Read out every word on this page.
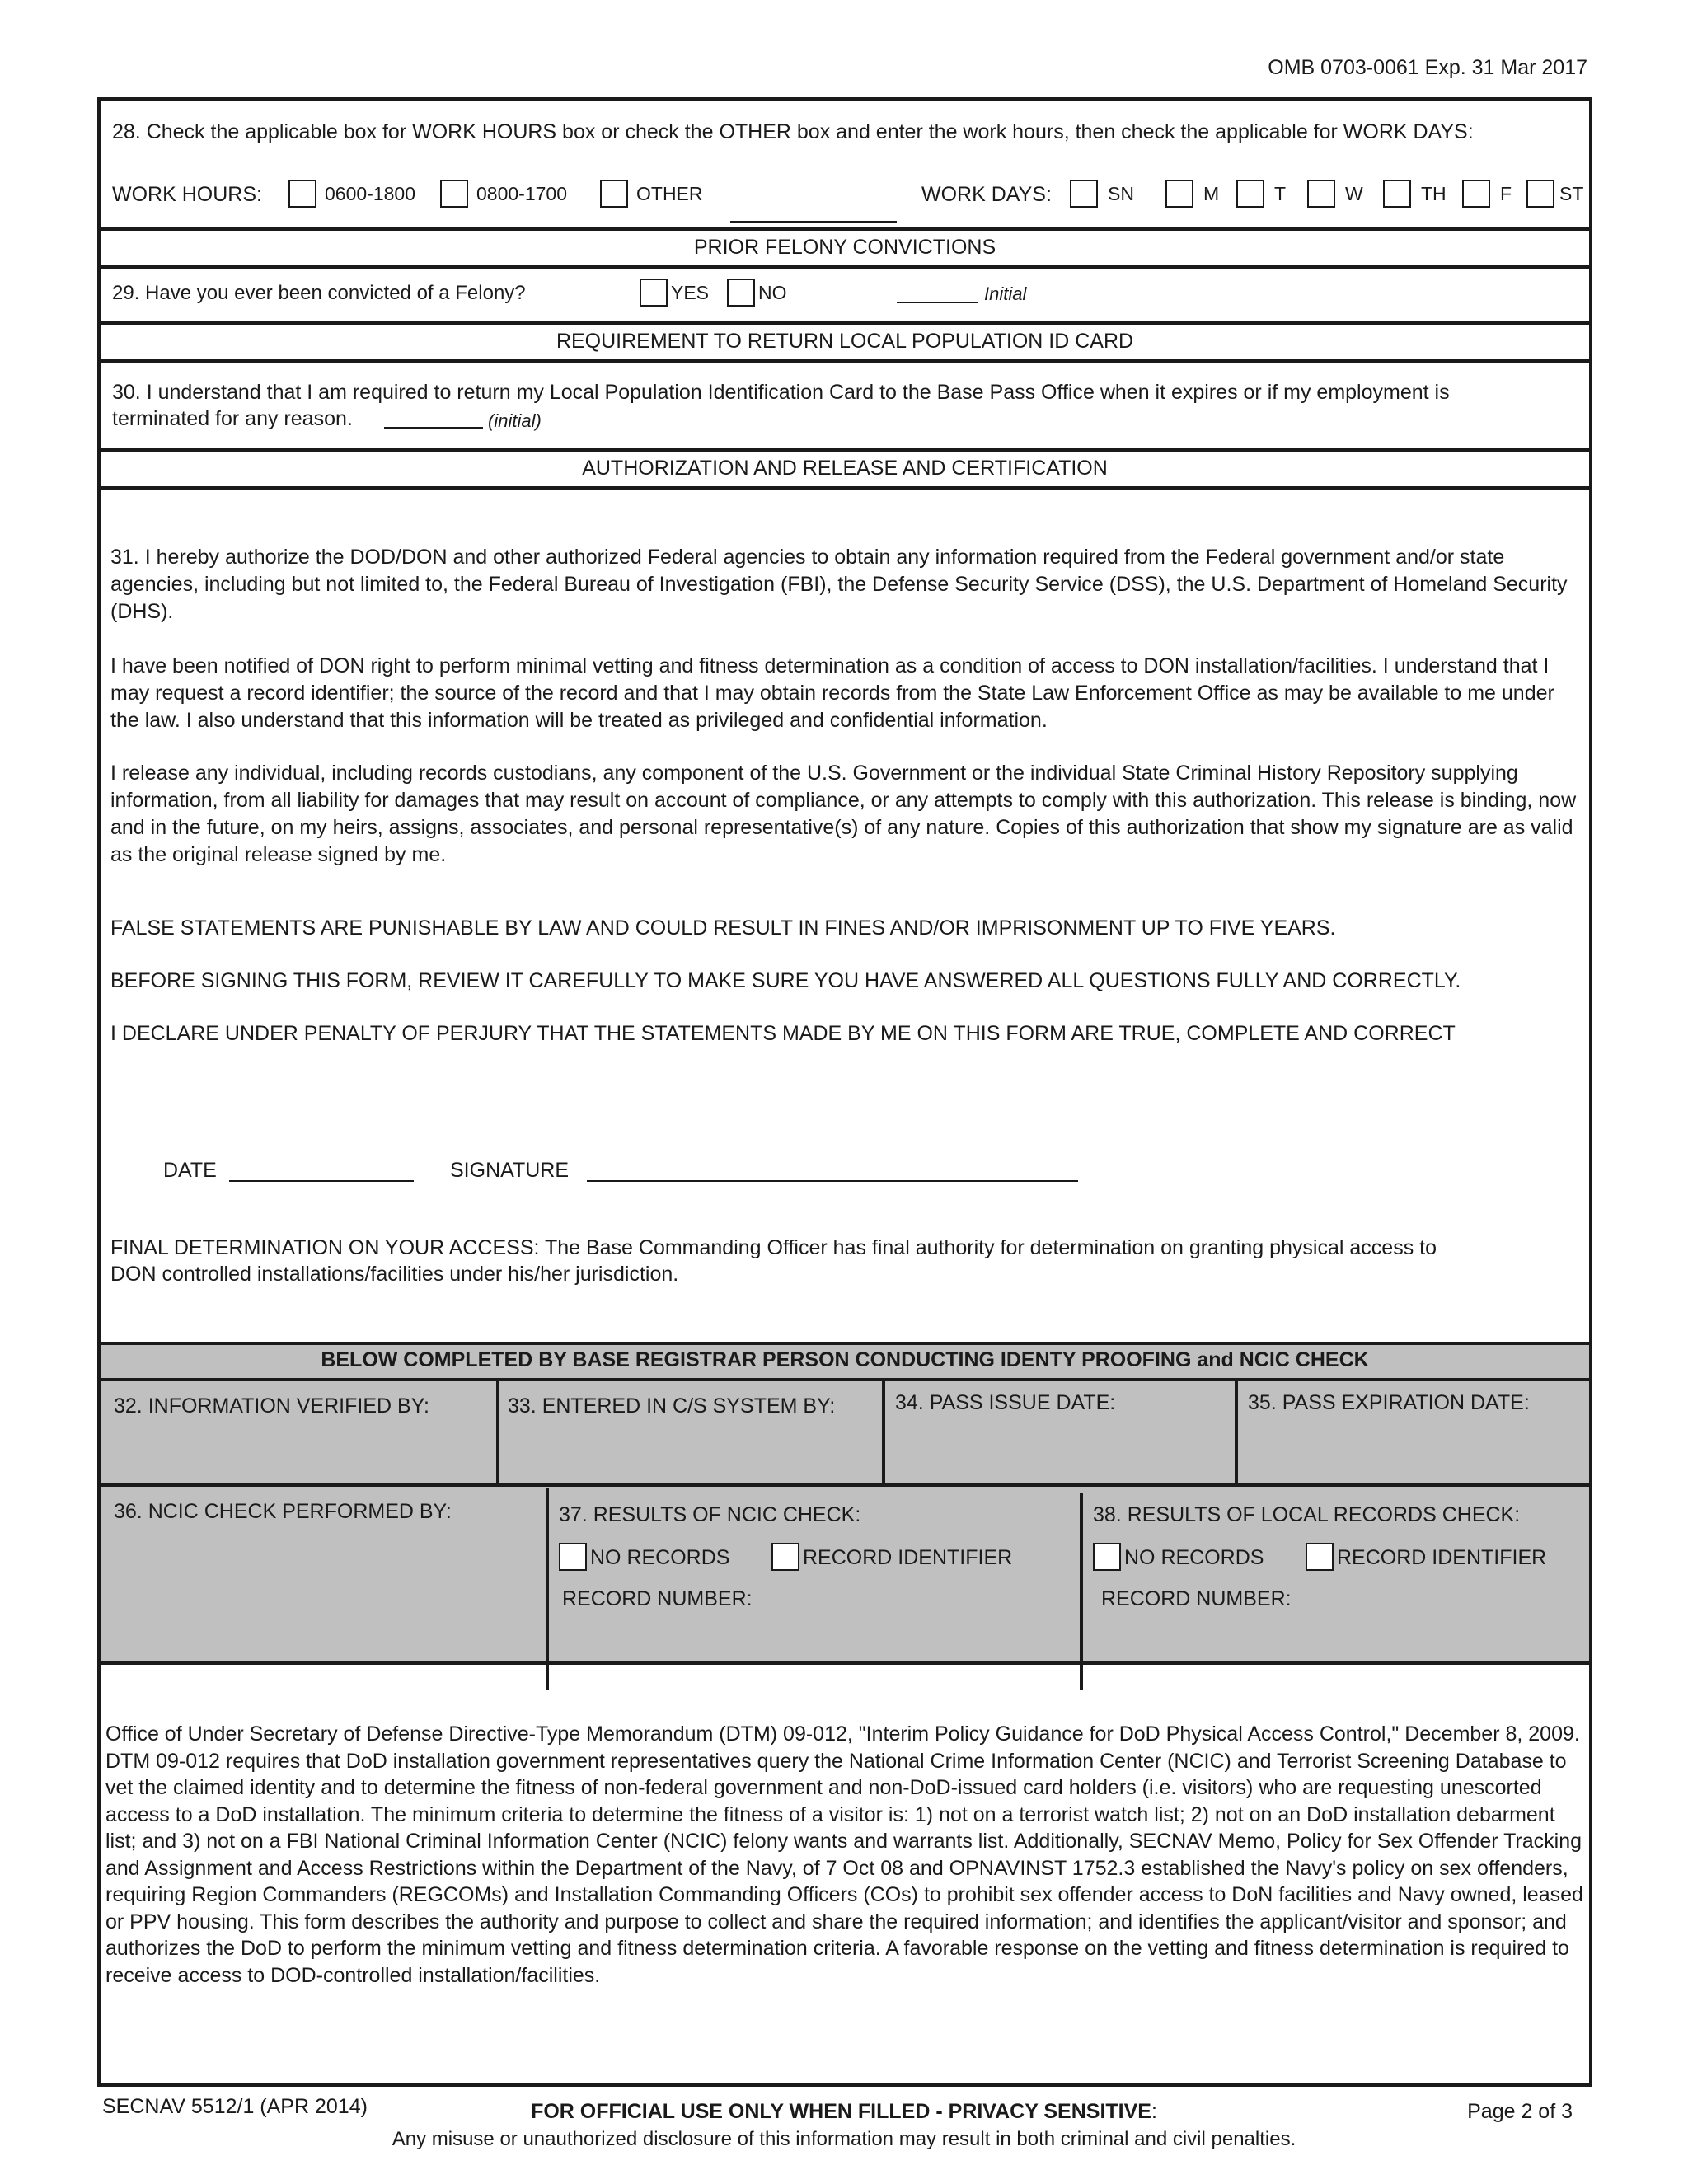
OMB 0703-0061 Exp. 31 Mar 2017
28. Check the applicable box for WORK HOURS box or check the OTHER box and enter the work hours, then check the applicable for WORK DAYS:
WORK HOURS:	0600-1800	0800-1700	OTHER	WORK DAYS:	SN	M	T	W	TH	F	ST
PRIOR FELONY CONVICTIONS
29. Have you ever been convicted of a Felony?	YES	NO	Initial
REQUIREMENT TO RETURN LOCAL POPULATION ID CARD
30. I understand that I am required to return my Local Population Identification Card to the Base Pass Office when it expires or if my employment is
terminated for any reason.	(initial)
AUTHORIZATION AND RELEASE AND CERTIFICATION
31. I hereby authorize the DOD/DON and other authorized Federal agencies to obtain any information required from the Federal government and/or state agencies, including but not limited to, the Federal Bureau of Investigation (FBI), the Defense Security Service (DSS), the U.S. Department of Homeland Security (DHS).
I have been notified of DON right to perform minimal vetting and fitness determination as a condition of access to DON installation/facilities. I understand that I may request a record identifier; the source of the record and that I may obtain records from the State Law Enforcement Office as may be available to me under the law. I also understand that this information will be treated as privileged and confidential information.
I release any individual, including records custodians, any component of the U.S. Government or the individual State Criminal History Repository supplying information, from all liability for damages that may result on account of compliance, or any attempts to comply with this authorization. This release is binding, now and in the future, on my heirs, assigns, associates, and personal representative(s) of any nature. Copies of this authorization that show my signature are as valid as the original release signed by me.
FALSE STATEMENTS ARE PUNISHABLE BY LAW AND COULD RESULT IN FINES AND/OR IMPRISONMENT UP TO FIVE YEARS.
BEFORE SIGNING THIS FORM, REVIEW IT CAREFULLY TO MAKE SURE YOU HAVE ANSWERED ALL QUESTIONS FULLY AND CORRECTLY.
I DECLARE UNDER PENALTY OF PERJURY THAT THE STATEMENTS MADE BY ME ON THIS FORM ARE TRUE, COMPLETE AND CORRECT
DATE	SIGNATURE
FINAL DETERMINATION ON YOUR ACCESS: The Base Commanding Officer has final authority for determination on granting physical access to
DON controlled installations/facilities under his/her jurisdiction.
BELOW COMPLETED BY BASE REGISTRAR PERSON CONDUCTING IDENTY PROOFING and NCIC CHECK
32. INFORMATION VERIFIED BY:	33. ENTERED IN C/S SYSTEM BY:	34. PASS ISSUE DATE:	35. PASS EXPIRATION DATE:
36. NCIC CHECK PERFORMED BY:	37. RESULTS OF NCIC CHECK:
NO RECORDS	RECORD IDENTIFIER
RECORD NUMBER:
38. RESULTS OF LOCAL RECORDS CHECK:
NO RECORDS	RECORD IDENTIFIER
RECORD NUMBER:
Office of Under Secretary of Defense Directive-Type Memorandum (DTM) 09-012, "Interim Policy Guidance for DoD Physical Access Control," December 8, 2009. DTM 09-012 requires that DoD installation government representatives query the National Crime Information Center (NCIC) and Terrorist Screening Database to vet the claimed identity and to determine the fitness of non-federal government and non-DoD-issued card holders (i.e. visitors) who are requesting unescorted access to a DoD installation. The minimum criteria to determine the fitness of a visitor is: 1) not on a terrorist watch list; 2) not on an DoD installation debarment list; and 3) not on a FBI National Criminal Information Center (NCIC) felony wants and warrants list. Additionally, SECNAV Memo, Policy for Sex Offender Tracking and Assignment and Access Restrictions within the Department of the Navy, of 7 Oct 08 and OPNAVINST 1752.3 established the Navy's policy on sex offenders, requiring Region Commanders (REGCOMs) and Installation Commanding Officers (COs) to prohibit sex offender access to DoN facilities and Navy owned, leased or PPV housing. This form describes the authority and purpose to collect and share the required information; and identifies the applicant/visitor and sponsor; and authorizes the DoD to perform the minimum vetting and fitness determination criteria. A favorable response on the vetting and fitness determination is required to receive access to DOD-controlled installation/facilities.
SECNAV 5512/1 (APR 2014)	FOR OFFICIAL USE ONLY WHEN FILLED - PRIVACY SENSITIVE:	Page 2 of 3
Any misuse or unauthorized disclosure of this information may result in both criminal and civil penalties.
